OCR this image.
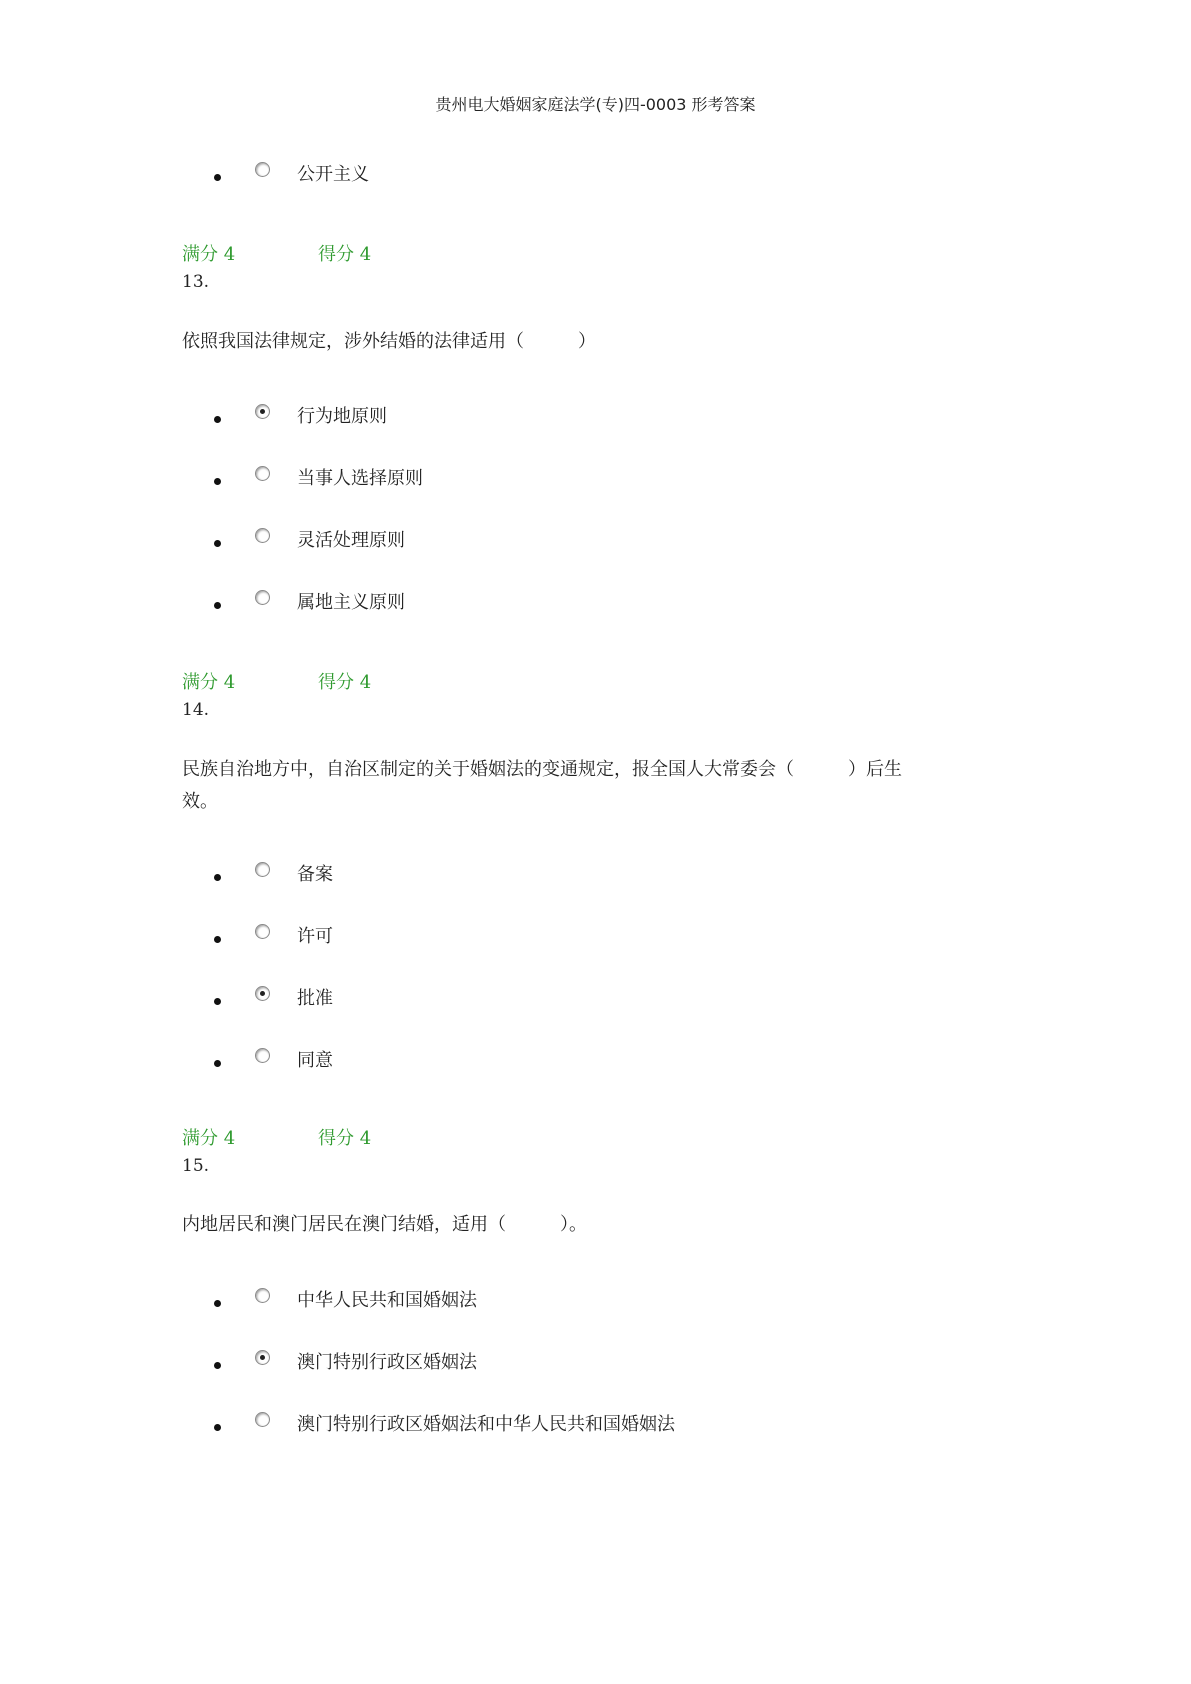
贵州电大婚姻家庭法学(专)四-0003 形考答案
公开主义
满分 4	得分 4
13.
依照我国法律规定，涉外结婚的法律适用（　　　）
行为地原则
当事人选择原则
灵活处理原则
属地主义原则
满分 4	得分 4
14.
民族自治地方中，自治区制定的关于婚姻法的变通规定，报全国人大常委会（　　　）后生
效。
备案
许可
批准
同意
满分 4	得分 4
15.
内地居民和澳门居民在澳门结婚，适用（　　　）。
中华人民共和国婚姻法
澳门特别行政区婚姻法
澳门特别行政区婚姻法和中华人民共和国婚姻法
